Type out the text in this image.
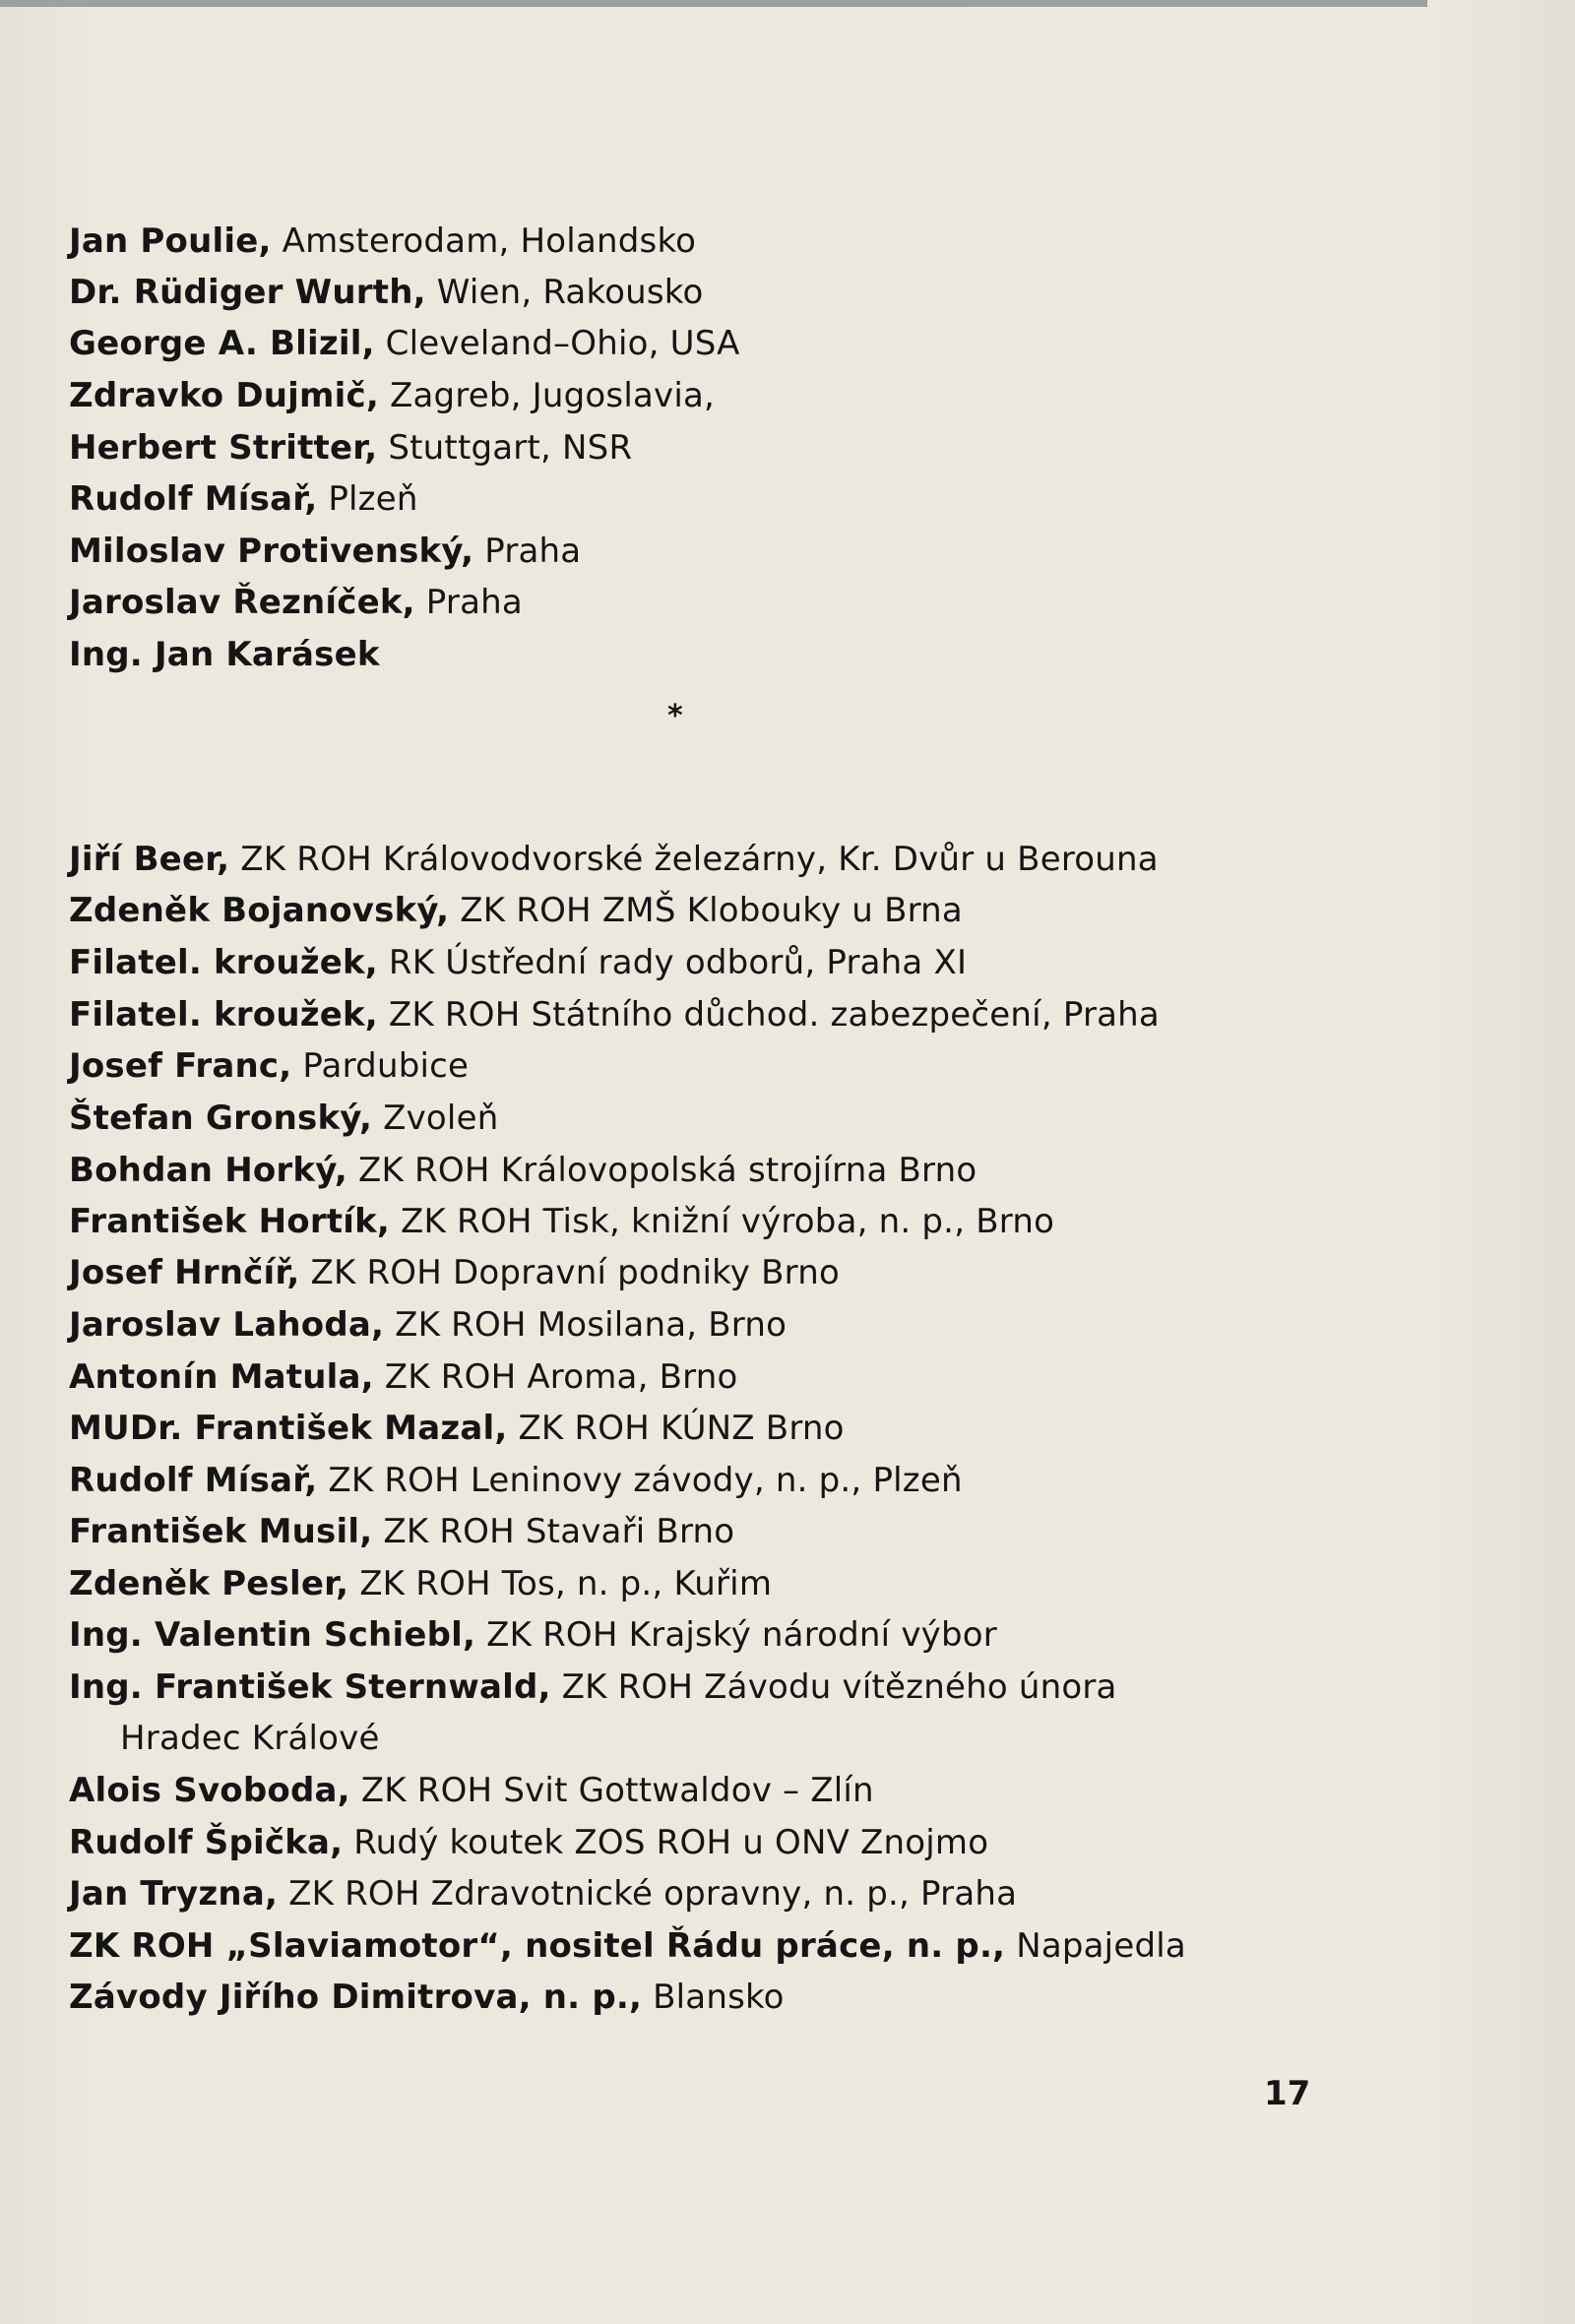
Jan Poulie, Amsterodam, Holandsko
Dr. Rüdiger Wurth, Wien, Rakousko
George A. Blizil, Cleveland–Ohio, USA
Zdravko Dujmič, Zagreb, Jugoslavia,
Herbert Stritter, Stuttgart, NSR
Rudolf Mísař, Plzeň
Miloslav Protivenský, Praha
Jaroslav Řezníček, Praha
Ing. Jan Karásek
*
Jiří Beer, ZK ROH Královodvorské železárny, Kr. Dvůr u Berouna
Zdeněk Bojanovský, ZK ROH ZMŠ Klobouky u Brna
Filatel. kroužek, RK Ústřední rady odborů, Praha XI
Filatel. kroužek, ZK ROH Státního důchod. zabezpečení, Praha
Josef Franc, Pardubice
Štefan Gronský, Zvoleň
Bohdan Horký, ZK ROH Královopolská strojírna Brno
František Hortík, ZK ROH Tisk, knižní výroba, n. p., Brno
Josef Hrnčíř, ZK ROH Dopravní podniky Brno
Jaroslav Lahoda, ZK ROH Mosilana, Brno
Antonín Matula, ZK ROH Aroma, Brno
MUDr. František Mazal, ZK ROH KÚNZ Brno
Rudolf Mísař, ZK ROH Leninovy závody, n. p., Plzeň
František Musil, ZK ROH Stavaři Brno
Zdeněk Pesler, ZK ROH Tos, n. p., Kuřim
Ing. Valentin Schiebl, ZK ROH Krajský národní výbor
Ing. František Sternwald, ZK ROH Závodu vítězného února
Hradec Králové
Alois Svoboda, ZK ROH Svit Gottwaldov – Zlín
Rudolf Špička, Rudý koutek ZOS ROH u ONV Znojmo
Jan Tryzna, ZK ROH Zdravotnické opravny, n. p., Praha
ZK ROH „Slaviamotor“, nositel Řádu práce, n. p., Napajedla
Závody Jiřího Dimitrova, n. p., Blansko
17
